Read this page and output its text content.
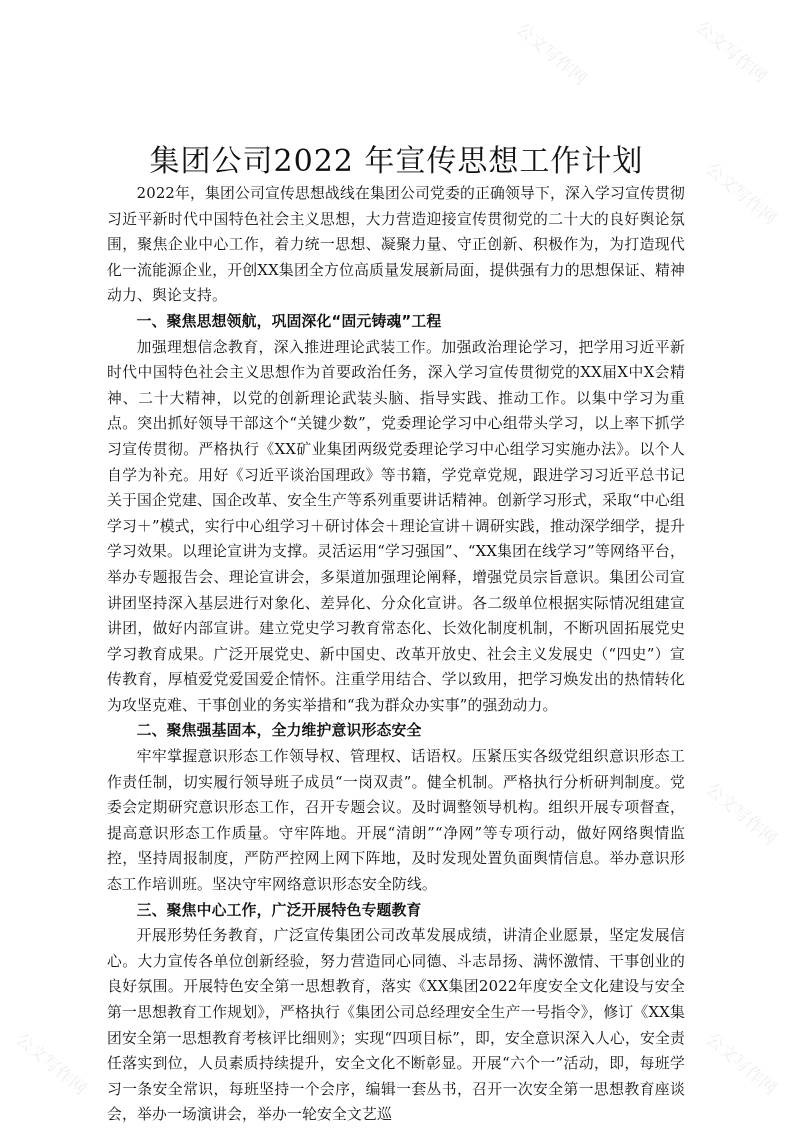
公文写作网
公文写作网
公文写作网
公文写作网
公文写作网
公文写作网
集团公司2022 年宣传思想工作计划

2022年，集团公司宣传思想战线在集团公司党委的正确领导下，深入学习宣传贯彻习近平新时代中国特色社会主义思想，大力营造迎接宣传贯彻党的二十大的良好舆论氛围，聚焦企业中心工作，着力统一思想、凝聚力量、守正创新、积极作为，为打造现代化一流能源企业，开创XX集团全方位高质量发展新局面，提供强有力的思想保证、精神动力、舆论支持。

一、聚焦思想领航，巩固深化“固元铸魂”工程

加强理想信念教育，深入推进理论武装工作。加强政治理论学习，把学用习近平新时代中国特色社会主义思想作为首要政治任务，深入学习宣传贯彻党的XX届X中X会精神、二十大精神，以党的创新理论武装头脑、指导实践、推动工作。以集中学习为重点。突出抓好领导干部这个“关键少数”，党委理论学习中心组带头学习，以上率下抓学习宣传贯彻。严格执行《XX矿业集团两级党委理论学习中心组学习实施办法》。以个人自学为补充。用好《习近平谈治国理政》等书籍，学党章党规，跟进学习习近平总书记关于国企党建、国企改革、安全生产等系列重要讲话精神。创新学习形式，采取“中心组学习＋”模式，实行中心组学习＋研讨体会＋理论宣讲＋调研实践，推动深学细学，提升学习效果。以理论宣讲为支撑。灵活运用“学习强国”、“XX集团在线学习”等网络平台，举办专题报告会、理论宣讲会，多渠道加强理论阐释，增强党员宗旨意识。集团公司宣讲团坚持深入基层进行对象化、差异化、分众化宣讲。各二级单位根据实际情况组建宣讲团，做好内部宣讲。建立党史学习教育常态化、长效化制度机制，不断巩固拓展党史学习教育成果。广泛开展党史、新中国史、改革开放史、社会主义发展史（“四史”）宣传教育，厚植爱党爱国爱企情怀。注重学用结合、学以致用，把学习焕发出的热情转化为攻坚克难、干事创业的务实举措和“我为群众办实事”的强劲动力。

二、聚焦强基固本，全力维护意识形态安全

牢牢掌握意识形态工作领导权、管理权、话语权。压紧压实各级党组织意识形态工作责任制，切实履行领导班子成员“一岗双责”。健全机制。严格执行分析研判制度。党委会定期研究意识形态工作，召开专题会议。及时调整领导机构。组织开展专项督查，提高意识形态工作质量。守牢阵地。开展“清朗”“净网”等专项行动，做好网络舆情监控，坚持周报制度，严防严控网上网下阵地，及时发现处置负面舆情信息。举办意识形态工作培训班。坚决守牢网络意识形态安全防线。

三、聚焦中心工作，广泛开展特色专题教育

开展形势任务教育，广泛宣传集团公司改革发展成绩，讲清企业愿景，坚定发展信心。大力宣传各单位创新经验，努力营造同心同德、斗志昂扬、满怀激情、干事创业的良好氛围。开展特色安全第一思想教育，落实《XX集团2022年度安全文化建设与安全第一思想教育工作规划》，严格执行《集团公司总经理安全生产一号指令》，修订《XX集团安全第一思想教育考核评比细则》；实现“四项目标”，即，安全意识深入人心，安全责任落实到位，人员素质持续提升，安全文化不断彰显。开展“六个一”活动，即，每班学习一条安全常识，每班坚持一个会序，编辑一套丛书，召开一次安全第一思想教育座谈会，举办一场演讲会，举办一轮安全文艺巡
